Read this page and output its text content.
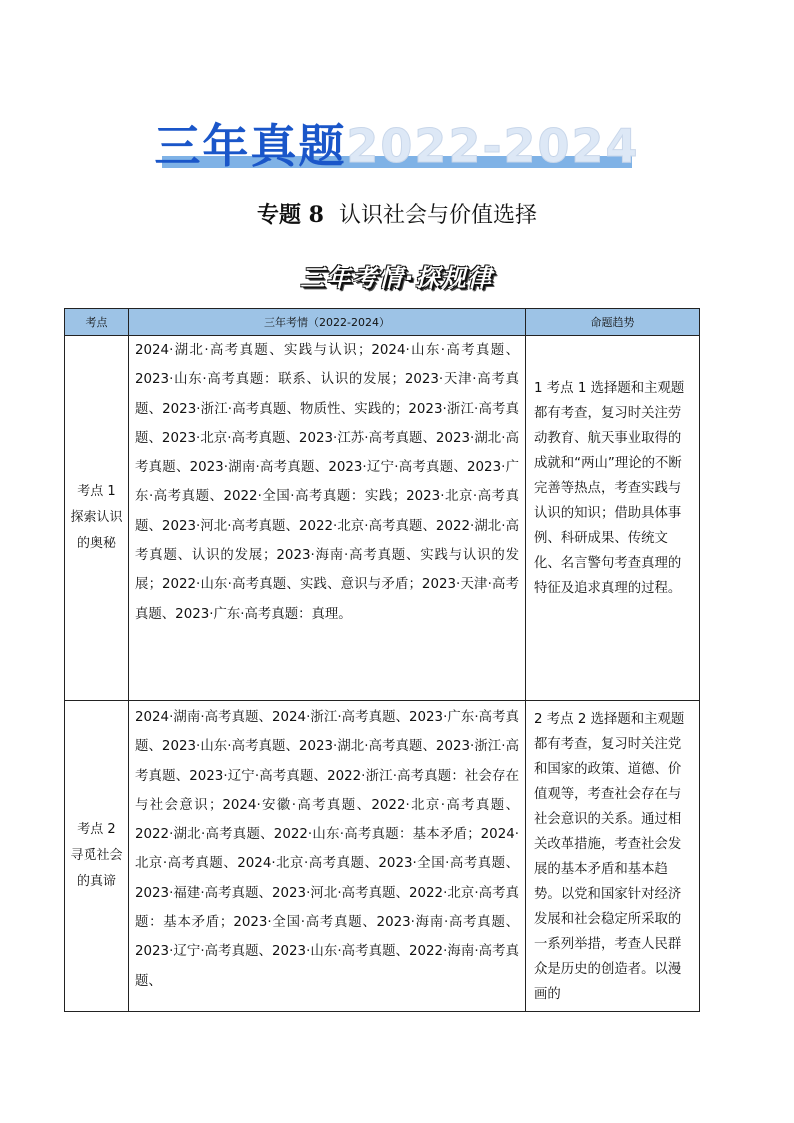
三年真题2022-2024
专题 8 认识社会与价值选择
三年考情·探规律
考点	三年考情（2022-2024）	命题趋势
考点 1 探索认识的奥秘	2024·湖北·高考真题、实践与认识；2024·山东·高考真题、2023·山东·高考真题：联系、认识的发展；2023·天津·高考真题、2023·浙江·高考真题、物质性、实践的；2023·浙江·高考真题、2023·北京·高考真题、2023·江苏·高考真题、2023·湖北·高考真题、2023·湖南·高考真题、2023·辽宁·高考真题、2023·广东·高考真题、2022·全国·高考真题：实践；2023·北京·高考真题、2023·河北·高考真题、2022·北京·高考真题、2022·湖北·高考真题、认识的发展；2023·海南·高考真题、实践与认识的发展；2022·山东·高考真题、实践、意识与矛盾；2023·天津·高考真题、2023·广东·高考真题：真理。	1 考点 1 选择题和主观题都有考查，复习时关注劳动教育、航天事业取得的成就和“两山”理论的不断完善等热点，考查实践与认识的知识；借助具体事例、科研成果、传统文化、名言警句考查真理的特征及追求真理的过程。

考点 2 寻觅社会的真谛	2024·湖南·高考真题、2024·浙江·高考真题、2023·广东·高考真题、2023·山东·高考真题、2023·湖北·高考真题、2023·浙江·高考真题、2023·辽宁·高考真题、2022·浙江·高考真题：社会存在与社会意识；2024·安徽·高考真题、2022·北京·高考真题、2022·湖北·高考真题、2022·山东·高考真题：基本矛盾；2024·北京·高考真题、2024·北京·高考真题、2023·全国·高考真题、2023·福建·高考真题、2023·河北·高考真题、2022·北京·高考真题：基本矛盾；2023·全国·高考真题、2023·海南·高考真题、2023·辽宁·高考真题、2023·山东·高考真题、2022·海南·高考真题、	2 考点 2 选择题和主观题都有考查，复习时关注党和国家的政策、道德、价值观等，考查社会存在与社会意识的关系。通过相关改革措施，考查社会发展的基本矛盾和基本趋势。以党和国家针对经济发展和社会稳定所采取的一系列举措，考查人民群众是历史的创造者。以漫画的
